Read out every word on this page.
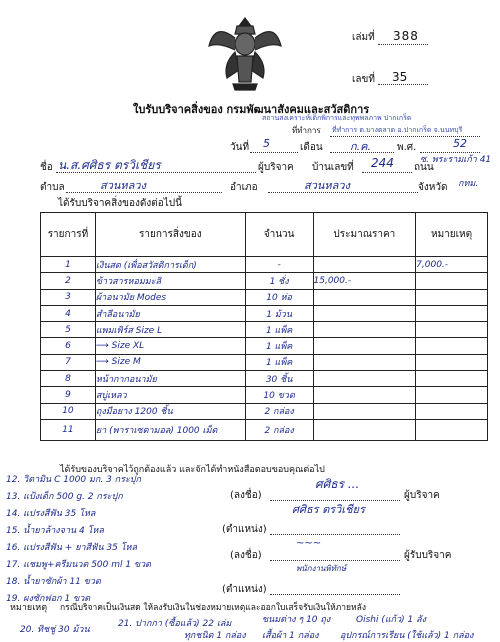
เล่มที่ 388
เลขที่ 35
ใบรับบริจาคสิ่งของ กรมพัฒนาสังคมและสวัสดิการ
สถานสงเคราะห์เด็กพิการและทุพพลภาพ ปากเกร็ด
ที่ทำการ ที่ทำการ ต.บางตลาด อ.ปากเกร็ด จ.นนทบุรี
วันที่ 5	เดือน ก.ค.	พ.ศ.	52
ชื่อ น.ส.ศศิธร ตรวิเชียร	ผู้บริจาค บ้านเลขที่ 244 ถนน
ซ. พระรามเก้า 41
ตำบล	สวนหลวง	อำเภอ	สวนหลวง	จังหวัด กทม.
ได้รับบริจาคสิ่งของดังต่อไปนี้
รายการที่	รายการสิ่งของ	จำนวน	ประมาณราคา	หมายเหตุ
1	เงินสด (เพื่อสวัสดิการเด็ก)	-		7,000.-
2	ข้าวสารหอมมะลิ	1 ชั่ง	15,000.-	
3	ผ้าอนามัย Modes	10 ห่อ		
4	สำลีอนามัย	1 ม้วน		
5	แพมเพิร์ส Size L	1 แพ็ค		
6	⟶ Size XL	1 แพ็ค		
7	⟶ Size M	1 แพ็ค		
8	หน้ากากอนามัย	30 ชิ้น		
9	สบู่เหลว	10 ขวด		
10	ถุงมือยาง 1200 ชิ้น	2 กล่อง		
11	ยา (พาราเซตามอล) 1000 เม็ด	2 กล่อง		
ได้รับของบริจาคไว้ถูกต้องแล้ว และจักได้ทำหนังสือตอบขอบคุณต่อไป
12. วิตามิน C 1000 มก. 3 กระปุก
13. แป้งเด็ก 500 g. 2 กระปุก
14. แปรงสีฟัน 35 โหล
15. น้ำยาล้างจาน 4 โหล
16. แปรงสีฟัน + ยาสีฟัน 35 โหล
17. แชมพู+ครีมนวด 500 ml 1 ขวด
18. น้ำยาซักผ้า 11 ขวด
19. ผงซักฟอก 1 ขวด
(ลงชื่อ)
ศศิธร ...
ผู้บริจาค
ศศิธร ตรวิเชียร
(ตำแหน่ง)
(ลงชื่อ)
~~~
ผู้รับบริจาค
พนักงานพิทักษ์
(ตำแหน่ง)
หมายเหตุ กรณีบริจาคเป็นเงินสด ให้ลงรับเงินในช่องหมายเหตุและออกใบเสร็จรับเงินให้ภายหลัง
20. ทิชชู่ 30 ม้วน
21. ปากกา (ซื้อแล้ว) 22 เล่ม	ขนมต่าง ๆ 10 ถุง	Oishi (แก้ว) 1 ลัง
ทุกชนิด 1 กล่อง เสื้อผ้า 1 กล่อง อุปกรณ์การเรียน (ใช้แล้ว) 1 กล่อง
